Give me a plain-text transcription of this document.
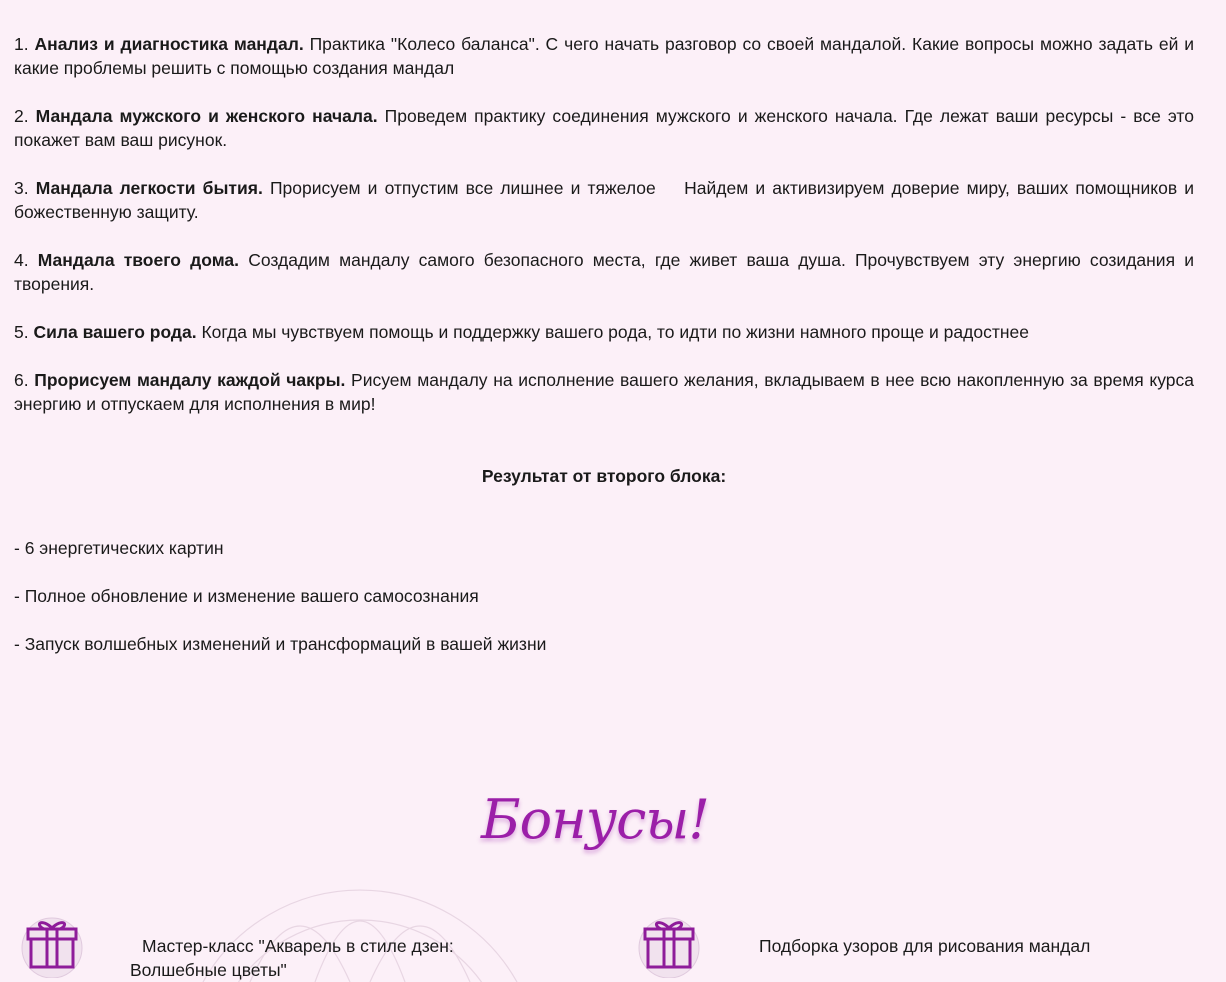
1. Анализ и диагностика мандал. Практика "Колесо баланса". С чего начать разговор со своей мандалой. Какие вопросы можно задать ей и какие проблемы решить с помощью создания мандал

2. Мандала мужского и женского начала. Проведем практику соединения мужского и женского начала. Где лежат ваши ресурсы - все это покажет вам ваш рисунок.

3. Мандала легкости бытия. Прорисуем и отпустим все лишнее и тяжелое    Найдем и активизируем доверие миру, ваших помощников и божественную защиту.

4. Мандала твоего дома. Создадим мандалу самого безопасного места, где живет ваша душа. Прочувствуем эту энергию созидания и творения.

5. Сила вашего рода. Когда мы чувствуем помощь и поддержку вашего рода, то идти по жизни намного проще и радостнее

6. Прорисуем мандалу каждой чакры. Рисуем мандалу на исполнение вашего желания, вкладываем в нее всю накопленную за время курса энергию и отпускаем для исполнения в мир!

Результат от второго блока:

- 6 энергетических картин

- Полное обновление и изменение вашего самосознания

- Запуск волшебных изменений и трансформаций в вашей жизни

Бонусы!
Мастер-класс "Акварель в стиле дзен: Волшебные цветы"
Подборка узоров для рисования мандал
